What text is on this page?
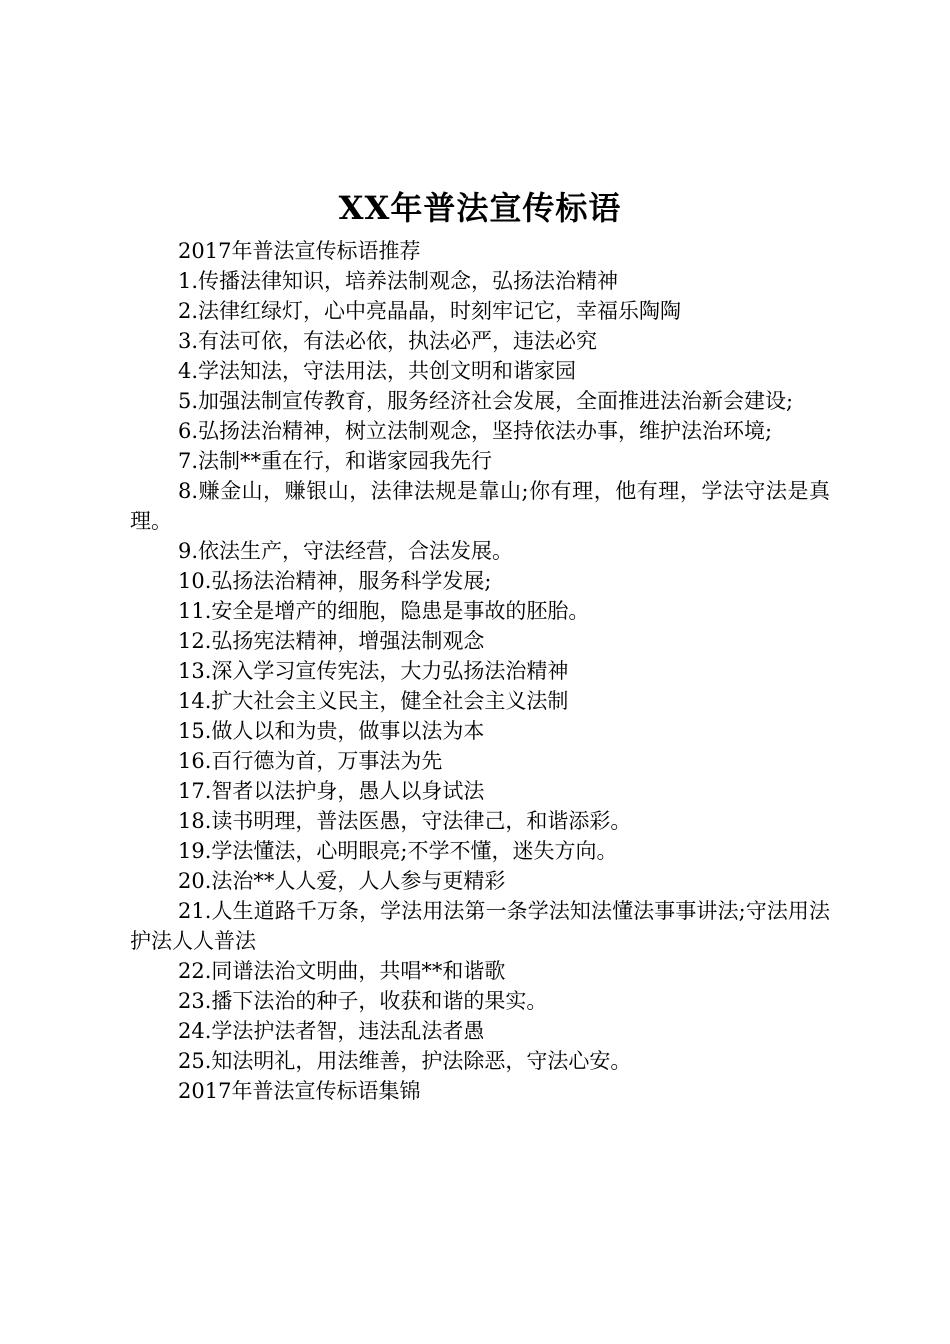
XX年普法宣传标语

2017年普法宣传标语推荐

1.传播法律知识，培养法制观念，弘扬法治精神

2.法律红绿灯，心中亮晶晶，时刻牢记它，幸福乐陶陶

3.有法可依，有法必依，执法必严，违法必究

4.学法知法，守法用法，共创文明和谐家园

5.加强法制宣传教育，服务经济社会发展，全面推进法治新会建设;

6.弘扬法治精神，树立法制观念，坚持依法办事，维护法治环境;

7.法制**重在行，和谐家园我先行

8.赚金山，赚银山，法律法规是靠山;你有理，他有理，学法守法是真理。

9.依法生产，守法经营，合法发展。

10.弘扬法治精神，服务科学发展;

11.安全是增产的细胞，隐患是事故的胚胎。

12.弘扬宪法精神，增强法制观念

13.深入学习宣传宪法，大力弘扬法治精神

14.扩大社会主义民主，健全社会主义法制

15.做人以和为贵，做事以法为本

16.百行德为首，万事法为先

17.智者以法护身，愚人以身试法

18.读书明理，普法医愚，守法律己，和谐添彩。

19.学法懂法，心明眼亮;不学不懂，迷失方向。

20.法治**人人爱，人人参与更精彩

21.人生道路千万条，学法用法第一条学法知法懂法事事讲法;守法用法护法人人普法

22.同谱法治文明曲，共唱**和谐歌

23.播下法治的种子，收获和谐的果实。

24.学法护法者智，违法乱法者愚

25.知法明礼，用法维善，护法除恶，守法心安。

2017年普法宣传标语集锦
